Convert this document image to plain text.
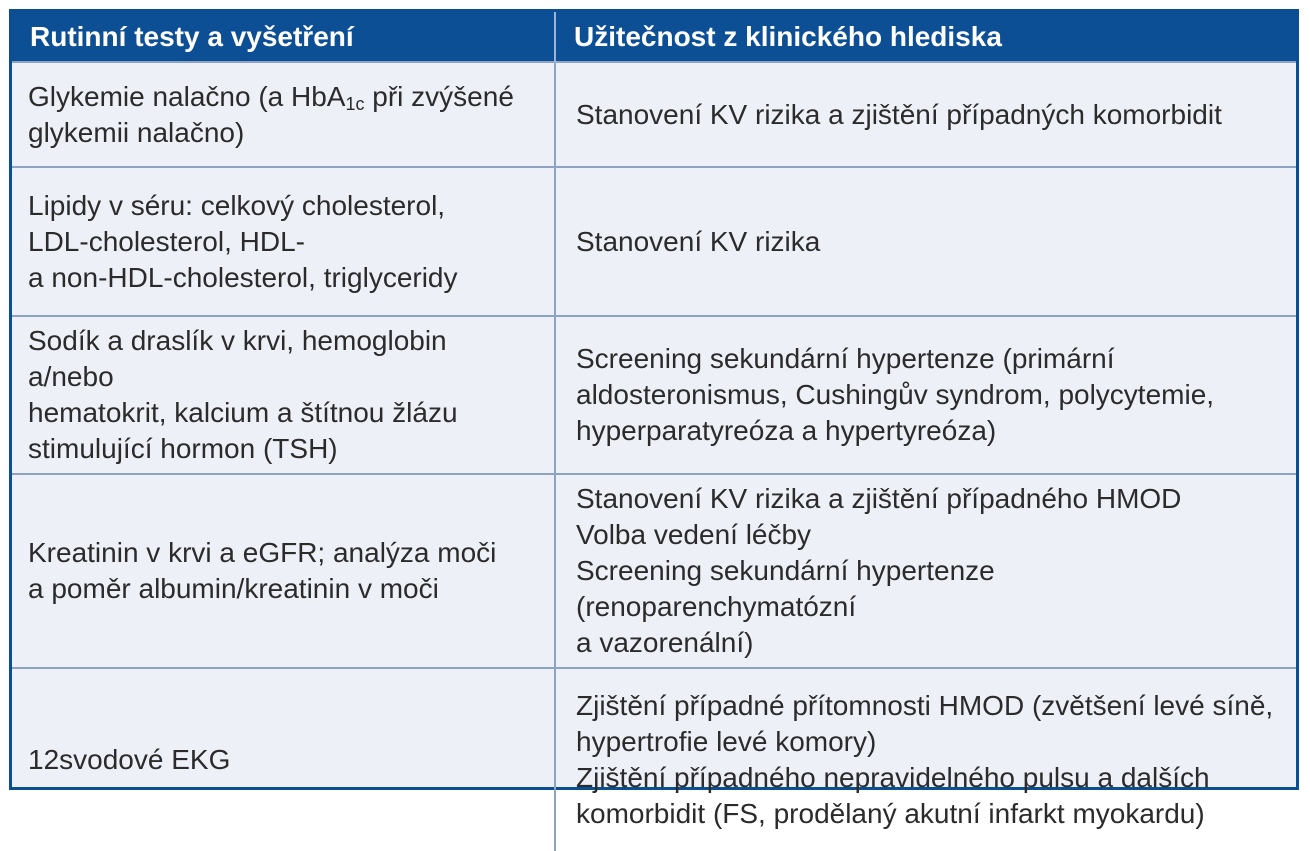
Rutinní testy a vyšetření	Užitečnost z klinického hlediska

Glykemie nalačno (a HbA$_{1c}$ při zvýšené
glykemii nalačno)	Stanovení KV rizika a zjištění případných komorbidit

Lipidy v séru: celkový cholesterol,
LDL-cholesterol, HDL-
a non-HDL-cholesterol, triglyceridy	Stanovení KV rizika

Sodík a draslík v krvi, hemoglobin a/nebo
hematokrit, kalcium a štítnou žlázu
stimulující hormon (TSH)	Screening sekundární hypertenze (primární
aldosteronismus, Cushingův syndrom, polycytemie,
hyperparatyreóza a hypertyreóza)

Kreatinin v krvi a eGFR; analýza moči
a poměr albumin/kreatinin v moči	Stanovení KV rizika a zjištění případného HMOD
Volba vedení léčby
Screening sekundární hypertenze (renoparenchymatózní
a vazorenální)

12svodové EKG	Zjištění případné přítomnosti HMOD (zvětšení levé síně,
hypertrofie levé komory)
Zjištění případného nepravidelného pulsu a dalších
komorbidit (FS, prodělaný akutní infarkt myokardu)
